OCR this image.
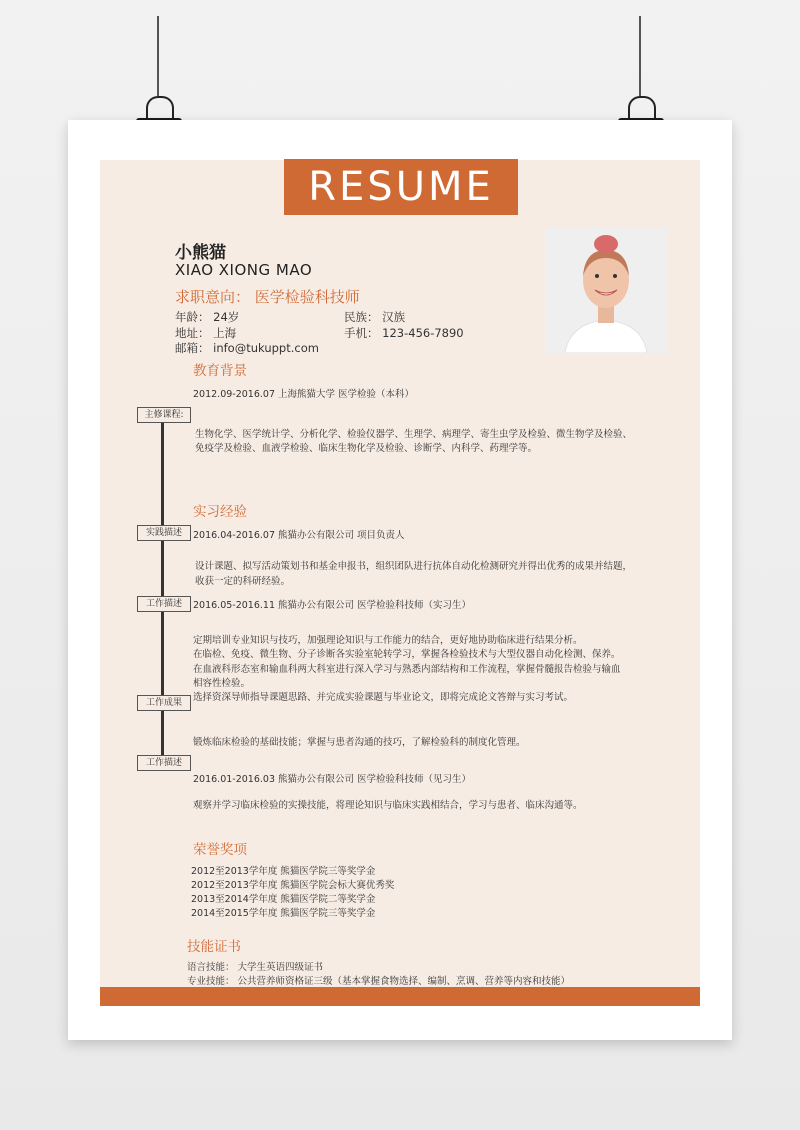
RESUME
小熊猫
XIAO XIONG MAO
求职意向： 医学检验科技师
年龄： 24岁	民族： 汉族
地址： 上海	手机： 123-456-7890
邮箱： info@tukuppt.com
教育背景
2012.09-2016.07 上海熊猫大学 医学检验（本科）
主修课程:
生物化学、医学统计学、分析化学、检验仪器学、生理学、病理学、寄生虫学及检验、微生物学及检验、
免疫学及检验、血液学检验、临床生物化学及检验、诊断学、内科学、药理学等。
实习经验
实践描述	2016.04-2016.07 熊猫办公有限公司 项目负责人
设计课题、拟写活动策划书和基金申报书，组织团队进行抗体自动化检测研究并得出优秀的成果并结题，
收获一定的科研经验。
工作描述	2016.05-2016.11 熊猫办公有限公司 医学检验科技师（实习生）
定期培训专业知识与技巧，加强理论知识与工作能力的结合，更好地协助临床进行结果分析。
在临检、免疫、微生物、分子诊断各实验室轮转学习，掌握各检验技术与大型仪器自动化检测、保养。
在血液科形态室和输血科两大科室进行深入学习与熟悉内部结构和工作流程，掌握骨髓报告检验与输血
相容性检验。
选择资深导师指导课题思路、并完成实验课题与毕业论文，即将完成论文答辩与实习考试。
工作成果
锻炼临床检验的基础技能；掌握与患者沟通的技巧，了解检验科的制度化管理。
工作描述
2016.01-2016.03 熊猫办公有限公司 医学检验科技师（见习生）
观察并学习临床检验的实操技能，将理论知识与临床实践相结合，学习与患者、临床沟通等。
荣誉奖项
2012至2013学年度 熊猫医学院三等奖学金
2012至2013学年度 熊猫医学院会标大赛优秀奖
2013至2014学年度 熊猫医学院二等奖学金
2014至2015学年度 熊猫医学院三等奖学金
技能证书
语言技能： 大学生英语四级证书
专业技能： 公共营养师资格证三级（基本掌握食物选择、编制、烹调、营养等内容和技能）
